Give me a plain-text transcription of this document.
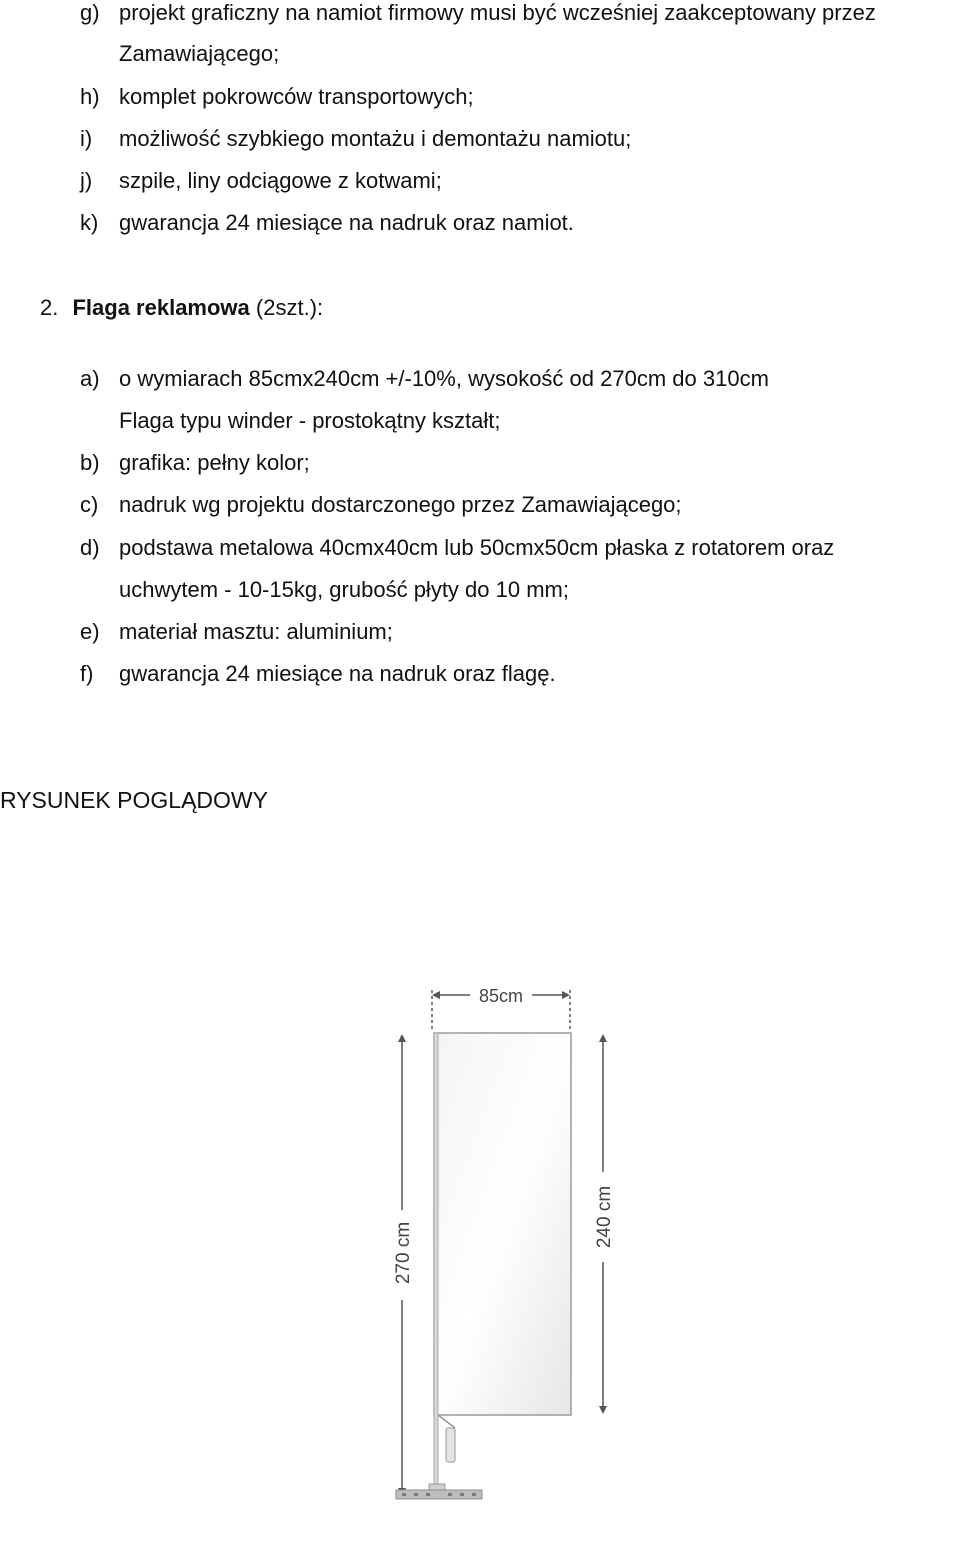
g) projekt graficzny na namiot firmowy musi być wcześniej zaakceptowany przez
Zamawiającego;
h) komplet pokrowców transportowych;
i) możliwość szybkiego montażu i demontażu namiotu;
j) szpile, liny odciągowe z kotwami;
k) gwarancja 24 miesiące na nadruk oraz namiot.
2. Flaga reklamowa (2szt.):
a) o wymiarach 85cmx240cm +/-10%, wysokość od 270cm do 310cm
Flaga typu winder - prostokątny kształt;
b) grafika: pełny kolor;
c) nadruk wg projektu dostarczonego przez Zamawiającego;
d) podstawa metalowa 40cmx40cm lub 50cmx50cm płaska z rotatorem oraz
uchwytem - 10-15kg, grubość płyty do 10 mm;
e) materiał masztu: aluminium;
f) gwarancja 24 miesiące na nadruk oraz flagę.
RYSUNEK POGLĄDOWY
85cm
270 cm
240 cm
